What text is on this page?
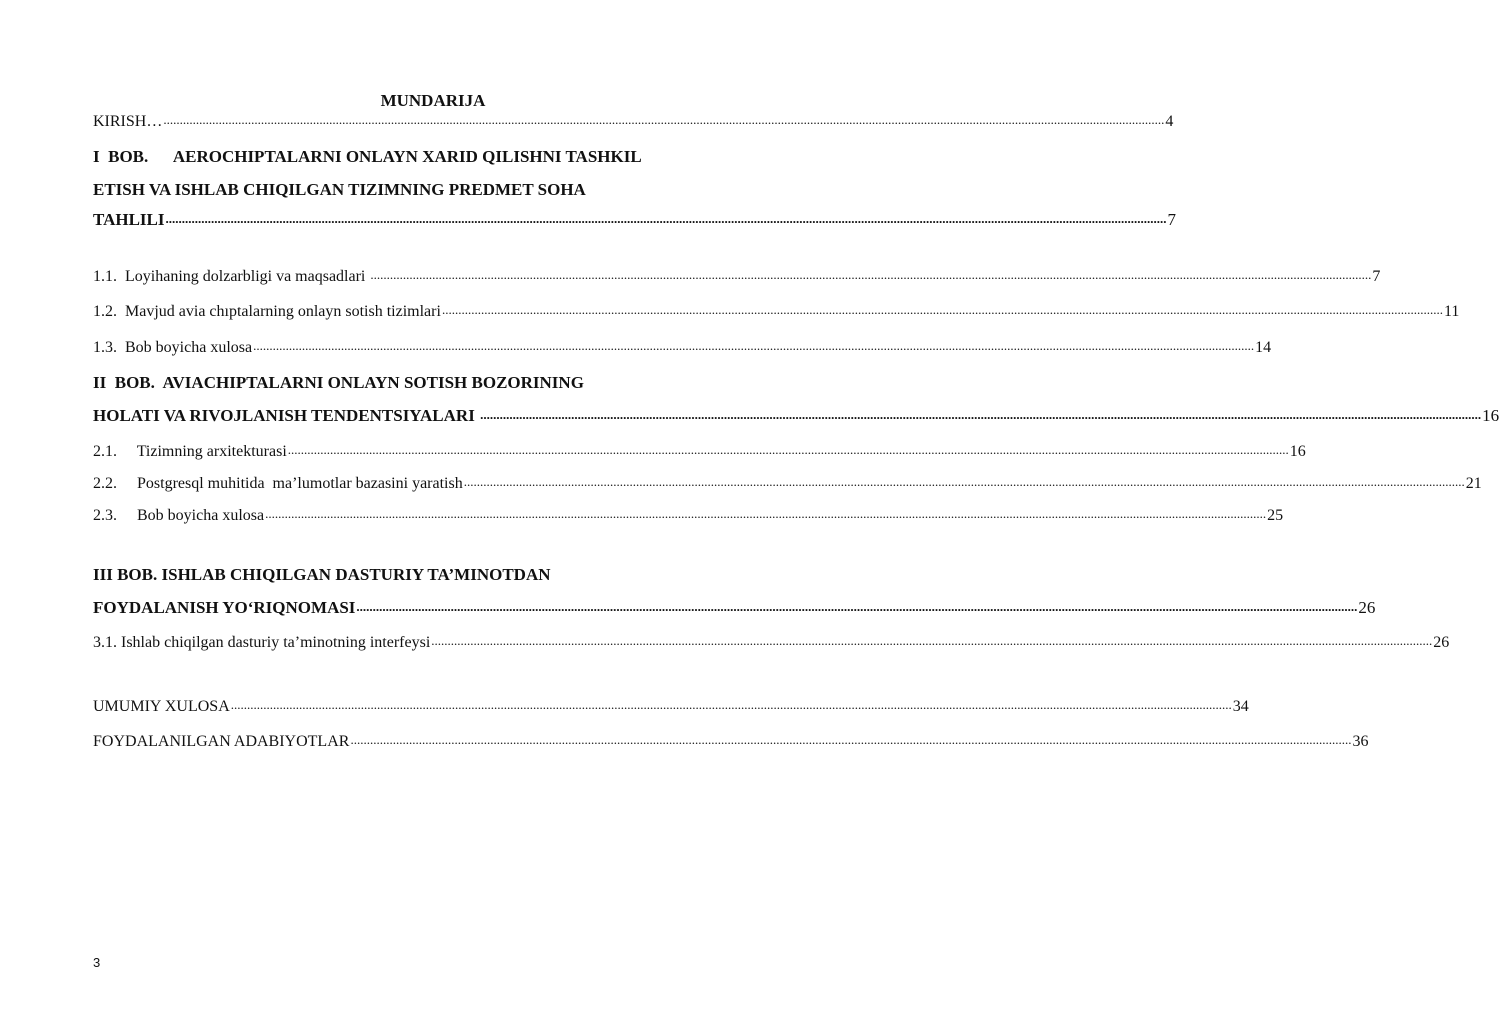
MUNDARIJA
KIRISH… .................................................................................................................................................................................................................................................................................................................... 4
I  BOB.      AEROCHIPTALARNI ONLAYN XARID QILISHNI TASHKIL
ETISH VA ISHLAB CHIQILGAN TIZIMNING PREDMET SOHA
TAHLILI .................................................................................................................................................................................................................................................................................................................... 7
1.1.  Loyihaning dolzarbligi va maqsadlari .................................................................................................................................................................................................................................................................................................................... 7
1.2.  Mavjud avia chıptalarning onlayn sotish tizimlari .................................................................................................................................................................................................................................................................................................................... 11
1.3.  Bob boyicha xulosa .................................................................................................................................................................................................................................................................................................................... 14
II  BOB.  AVIACHIPTALARNI ONLAYN SOTISH BOZORINING
HOLATI VA RIVOJLANISH TENDENTSIYALARI .................................................................................................................................................................................................................................................................................................................... 16
2.1.     Tizimning arxitekturasi .................................................................................................................................................................................................................................................................................................................... 16
2.2.     Postgresql muhitida  ma’lumotlar bazasini yaratish .................................................................................................................................................................................................................................................................................................................... 21
2.3.     Bob boyicha xulosa .................................................................................................................................................................................................................................................................................................................... 25
III BOB. ISHLAB CHIQILGAN DASTURIY TA’MINOTDAN
FOYDALANISH YO‘RIQNOMASI .................................................................................................................................................................................................................................................................................................................... 26
3.1. Ishlab chiqilgan dasturiy ta’minotning interfeysi .................................................................................................................................................................................................................................................................................................................... 26
UMUMIY XULOSA .................................................................................................................................................................................................................................................................................................................... 34
FOYDALANILGAN ADABIYOTLAR .................................................................................................................................................................................................................................................................................................................... 36
3
